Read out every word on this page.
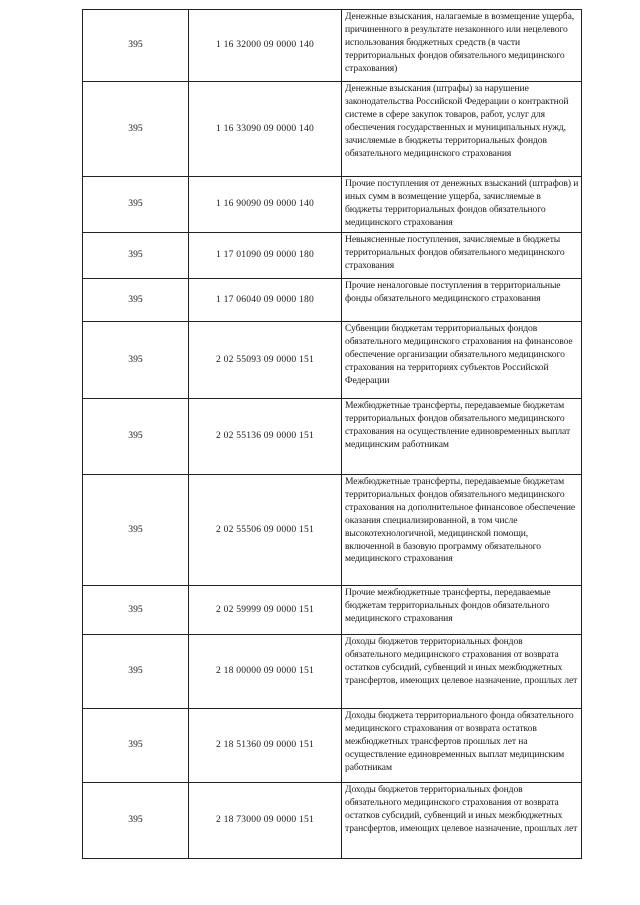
395	1 16 32000 09 0000 140	Денежные взыскания, налагаемые в возмещение ущерба, причиненного в результате незаконного или нецелевого использования бюджетных средств (в части территориальных фондов обязательного медицинского страхования)

395	1 16 33090 09 0000 140	Денежные взыскания (штрафы) за нарушение законодательства Российской Федерации о контрактной системе в сфере закупок товаров, работ, услуг для обеспечения государственных и муниципальных нужд, зачисляемые в бюджеты территориальных фондов обязательного медицинского страхования

395	1 16 90090 09 0000 140	Прочие поступления от денежных взысканий (штрафов) и иных сумм в возмещение ущерба, зачисляемые в бюджеты территориальных фондов обязательного медицинского страхования

395	1 17 01090 09 0000 180	Невыясненные поступления, зачисляемые в бюджеты территориальных фондов обязательного медицинского страхования

395	1 17 06040 09 0000 180	Прочие неналоговые поступления в территориальные фонды обязательного медицинского страхования

395	2 02 55093 09 0000 151	Субвенции бюджетам территориальных фондов обязательного медицинского страхования на финансовое обеспечение организации обязательного медицинского страхования на территориях субъектов Российской Федерации

395	2 02 55136 09 0000 151	Межбюджетные трансферты, передаваемые бюджетам территориальных фондов обязательного медицинского страхования на осуществление единовременных выплат медицинским работникам

395	2 02 55506 09 0000 151	Межбюджетные трансферты, передаваемые бюджетам территориальных фондов обязательного медицинского страхования на дополнительное финансовое обеспечение оказания специализированной, в том числе высокотехнологичной, медицинской помощи, включенной в базовую программу обязательного медицинского страхования

395	2 02 59999 09 0000 151	Прочие межбюджетные трансферты, передаваемые бюджетам территориальных фондов обязательного медицинского страхования

395	2 18 00000 09 0000 151	Доходы бюджетов территориальных фондов обязательного медицинского страхования от возврата остатков субсидий, субвенций и иных межбюджетных трансфертов, имеющих целевое назначение, прошлых лет

395	2 18 51360 09 0000 151	Доходы бюджета территориального фонда обязательного медицинского страхования от возврата остатков межбюджетных трансфертов прошлых лет на осуществление единовременных выплат медицинским работникам

395	2 18 73000 09 0000 151	Доходы бюджетов территориальных фондов обязательного медицинского страхования от возврата остатков субсидий, субвенций и иных межбюджетных трансфертов, имеющих целевое назначение, прошлых лет
